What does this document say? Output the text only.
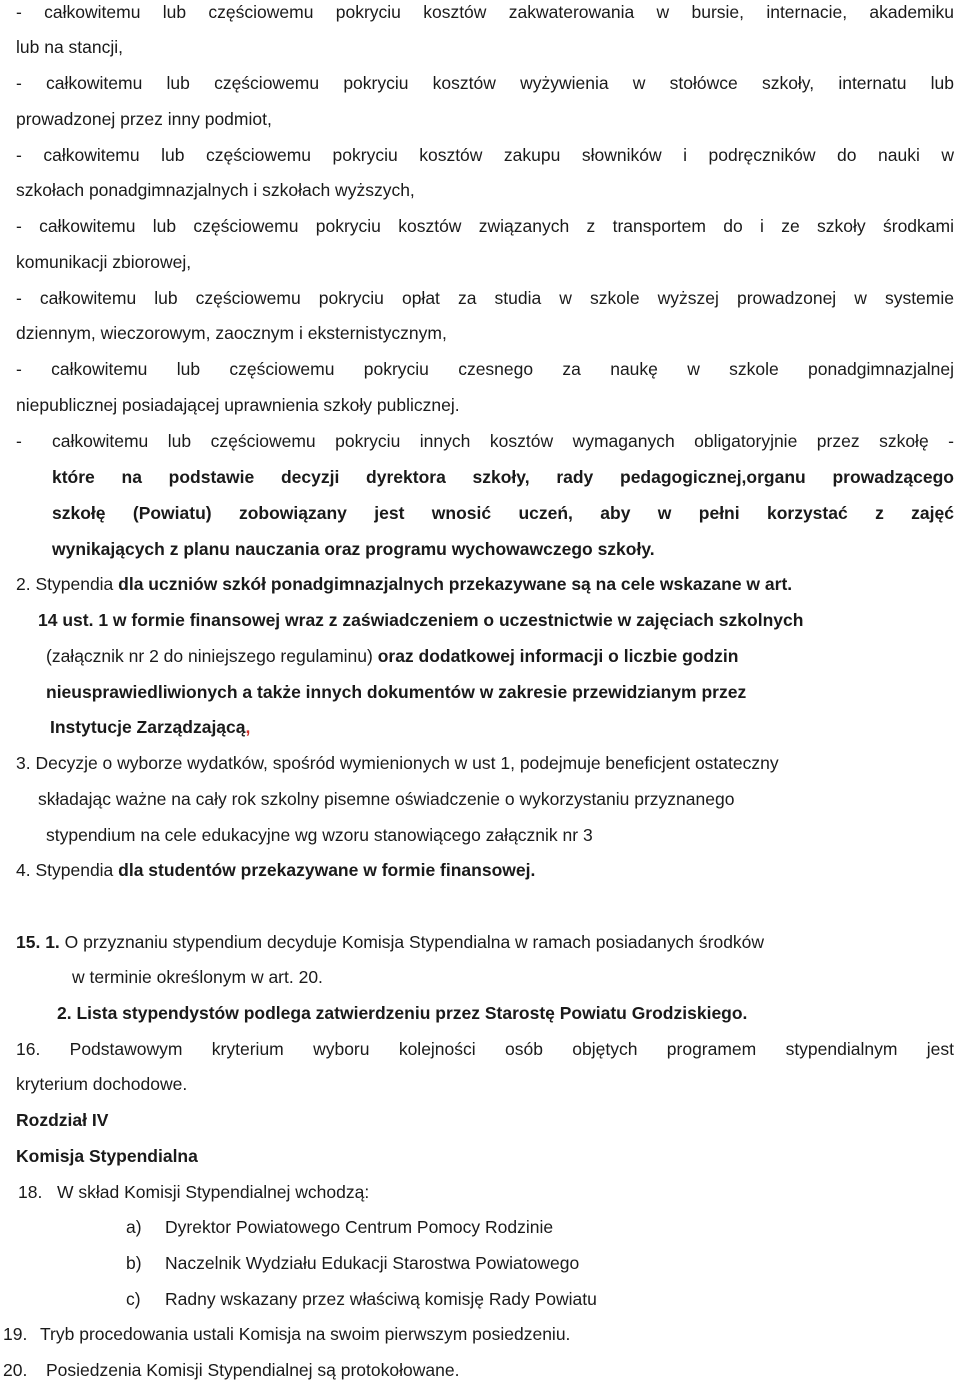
- całkowitemu lub częściowemu pokryciu kosztów zakwaterowania w bursie, internacie, akademiku
lub na stancji,
- całkowitemu lub częściowemu pokryciu kosztów wyżywienia w stołówce szkoły, internatu lub
prowadzonej przez inny podmiot,
- całkowitemu lub częściowemu pokryciu kosztów zakupu słowników i podręczników do nauki w
szkołach ponadgimnazjalnych i szkołach wyższych,
- całkowitemu lub częściowemu pokryciu kosztów związanych z transportem do i ze szkoły środkami
komunikacji zbiorowej,
- całkowitemu lub częściowemu pokryciu opłat za studia w szkole wyższej prowadzonej w systemie
dziennym, wieczorowym, zaocznym i eksternistycznym,
- całkowitemu lub częściowemu pokryciu czesnego za naukę w szkole ponadgimnazjalnej
niepublicznej posiadającej uprawnienia szkoły publicznej.
-	całkowitemu lub częściowemu pokryciu innych kosztów wymaganych obligatoryjnie przez szkołę -
które na podstawie decyzji dyrektora szkoły, rady pedagogicznej,organu prowadzącego
szkołę (Powiatu) zobowiązany jest wnosić uczeń, aby w pełni korzystać z zajęć
wynikających z planu nauczania oraz programu wychowawczego szkoły.
2. Stypendia dla uczniów szkół ponadgimnazjalnych przekazywane są na cele wskazane w art.
14 ust. 1 w formie finansowej wraz z zaświadczeniem o uczestnictwie w zajęciach szkolnych
(załącznik nr 2 do niniejszego regulaminu) oraz dodatkowej informacji o liczbie godzin
nieusprawiedliwionych a także innych dokumentów w zakresie przewidzianym przez
Instytucje Zarządzającą,
3. Decyzje o wyborze wydatków, spośród wymienionych w ust 1, podejmuje beneficjent ostateczny
składając ważne na cały rok szkolny pisemne oświadczenie o wykorzystaniu przyznanego
stypendium na cele edukacyjne wg wzoru stanowiącego załącznik nr 3
4. Stypendia dla studentów przekazywane w formie finansowej.
15. 1. O przyznaniu stypendium decyduje Komisja Stypendialna w ramach posiadanych środków
w terminie określonym w art. 20.
2. Lista stypendystów podlega zatwierdzeniu przez Starostę Powiatu Grodziskiego.
16. Podstawowym kryterium wyboru kolejności osób objętych programem stypendialnym jest
kryterium dochodowe.
Rozdział IV
Komisja Stypendialna
18. W skład Komisji Stypendialnej wchodzą:
a)	Dyrektor Powiatowego Centrum Pomocy Rodzinie
b)	Naczelnik Wydziału Edukacji Starostwa Powiatowego
c)	Radny wskazany przez właściwą komisję Rady Powiatu
19. Tryb procedowania ustali Komisja na swoim pierwszym posiedzeniu.
20.	Posiedzenia Komisji Stypendialnej są protokołowane.
